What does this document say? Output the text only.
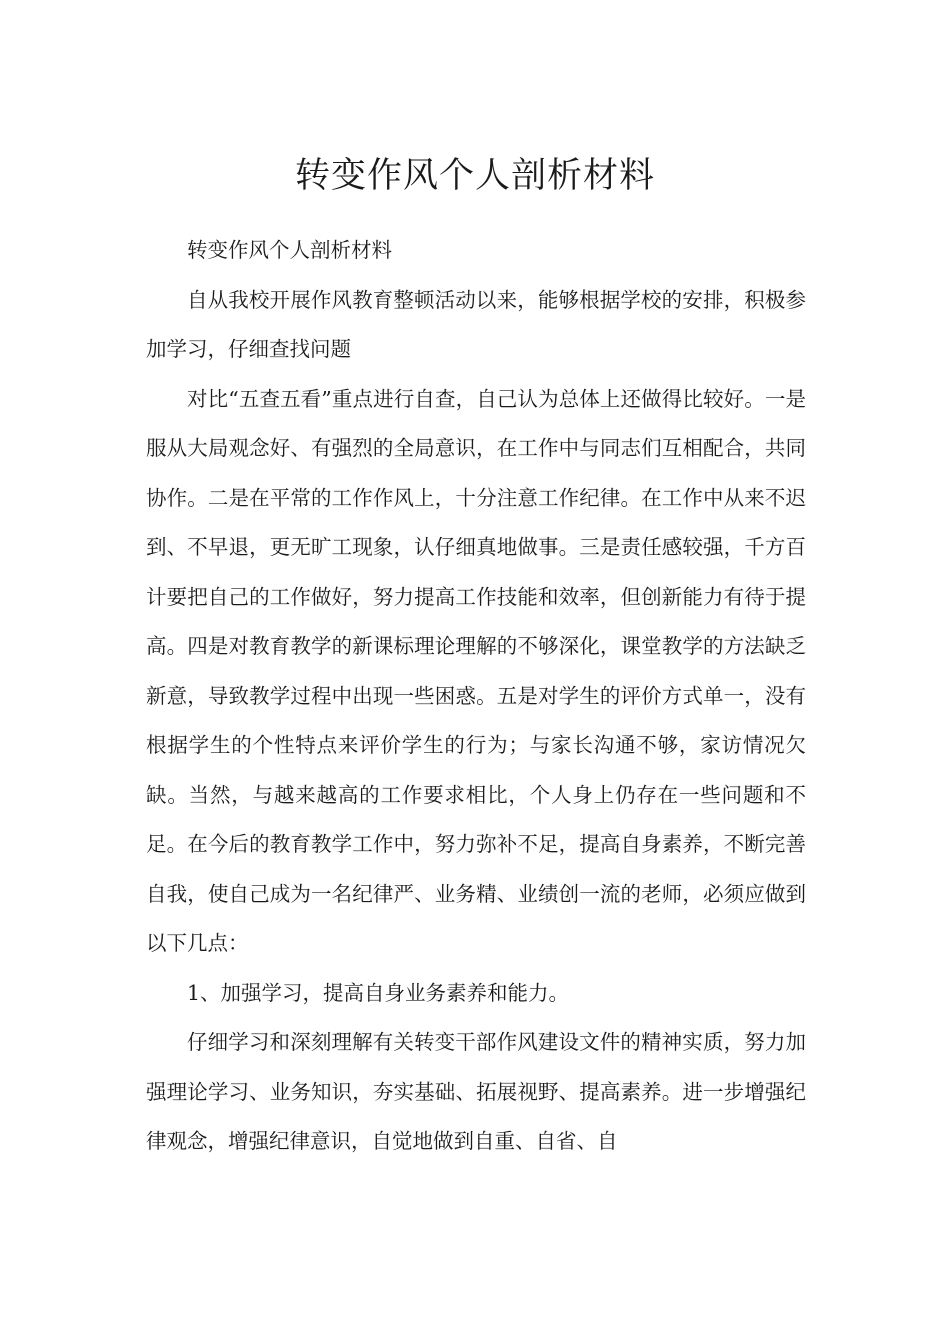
转变作风个人剖析材料

转变作风个人剖析材料

自从我校开展作风教育整顿活动以来，能够根据学校的安排，积极参加学习，仔细查找问题

对比“五查五看”重点进行自查，自己认为总体上还做得比较好。一是服从大局观念好、有强烈的全局意识，在工作中与同志们互相配合，共同协作。二是在平常的工作作风上，十分注意工作纪律。在工作中从来不迟到、不早退，更无旷工现象，认仔细真地做事。三是责任感较强，千方百计要把自己的工作做好，努力提高工作技能和效率，但创新能力有待于提高。四是对教育教学的新课标理论理解的不够深化，课堂教学的方法缺乏新意，导致教学过程中出现一些困惑。五是对学生的评价方式单一，没有根据学生的个性特点来评价学生的行为；与家长沟通不够，家访情况欠缺。当然，与越来越高的工作要求相比，个人身上仍存在一些问题和不足。在今后的教育教学工作中，努力弥补不足，提高自身素养，不断完善自我，使自己成为一名纪律严、业务精、业绩创一流的老师，必须应做到以下几点：

1、加强学习，提高自身业务素养和能力。

仔细学习和深刻理解有关转变干部作风建设文件的精神实质，努力加强理论学习、业务知识，夯实基础、拓展视野、提高素养。进一步增强纪律观念，增强纪律意识，自觉地做到自重、自省、自
